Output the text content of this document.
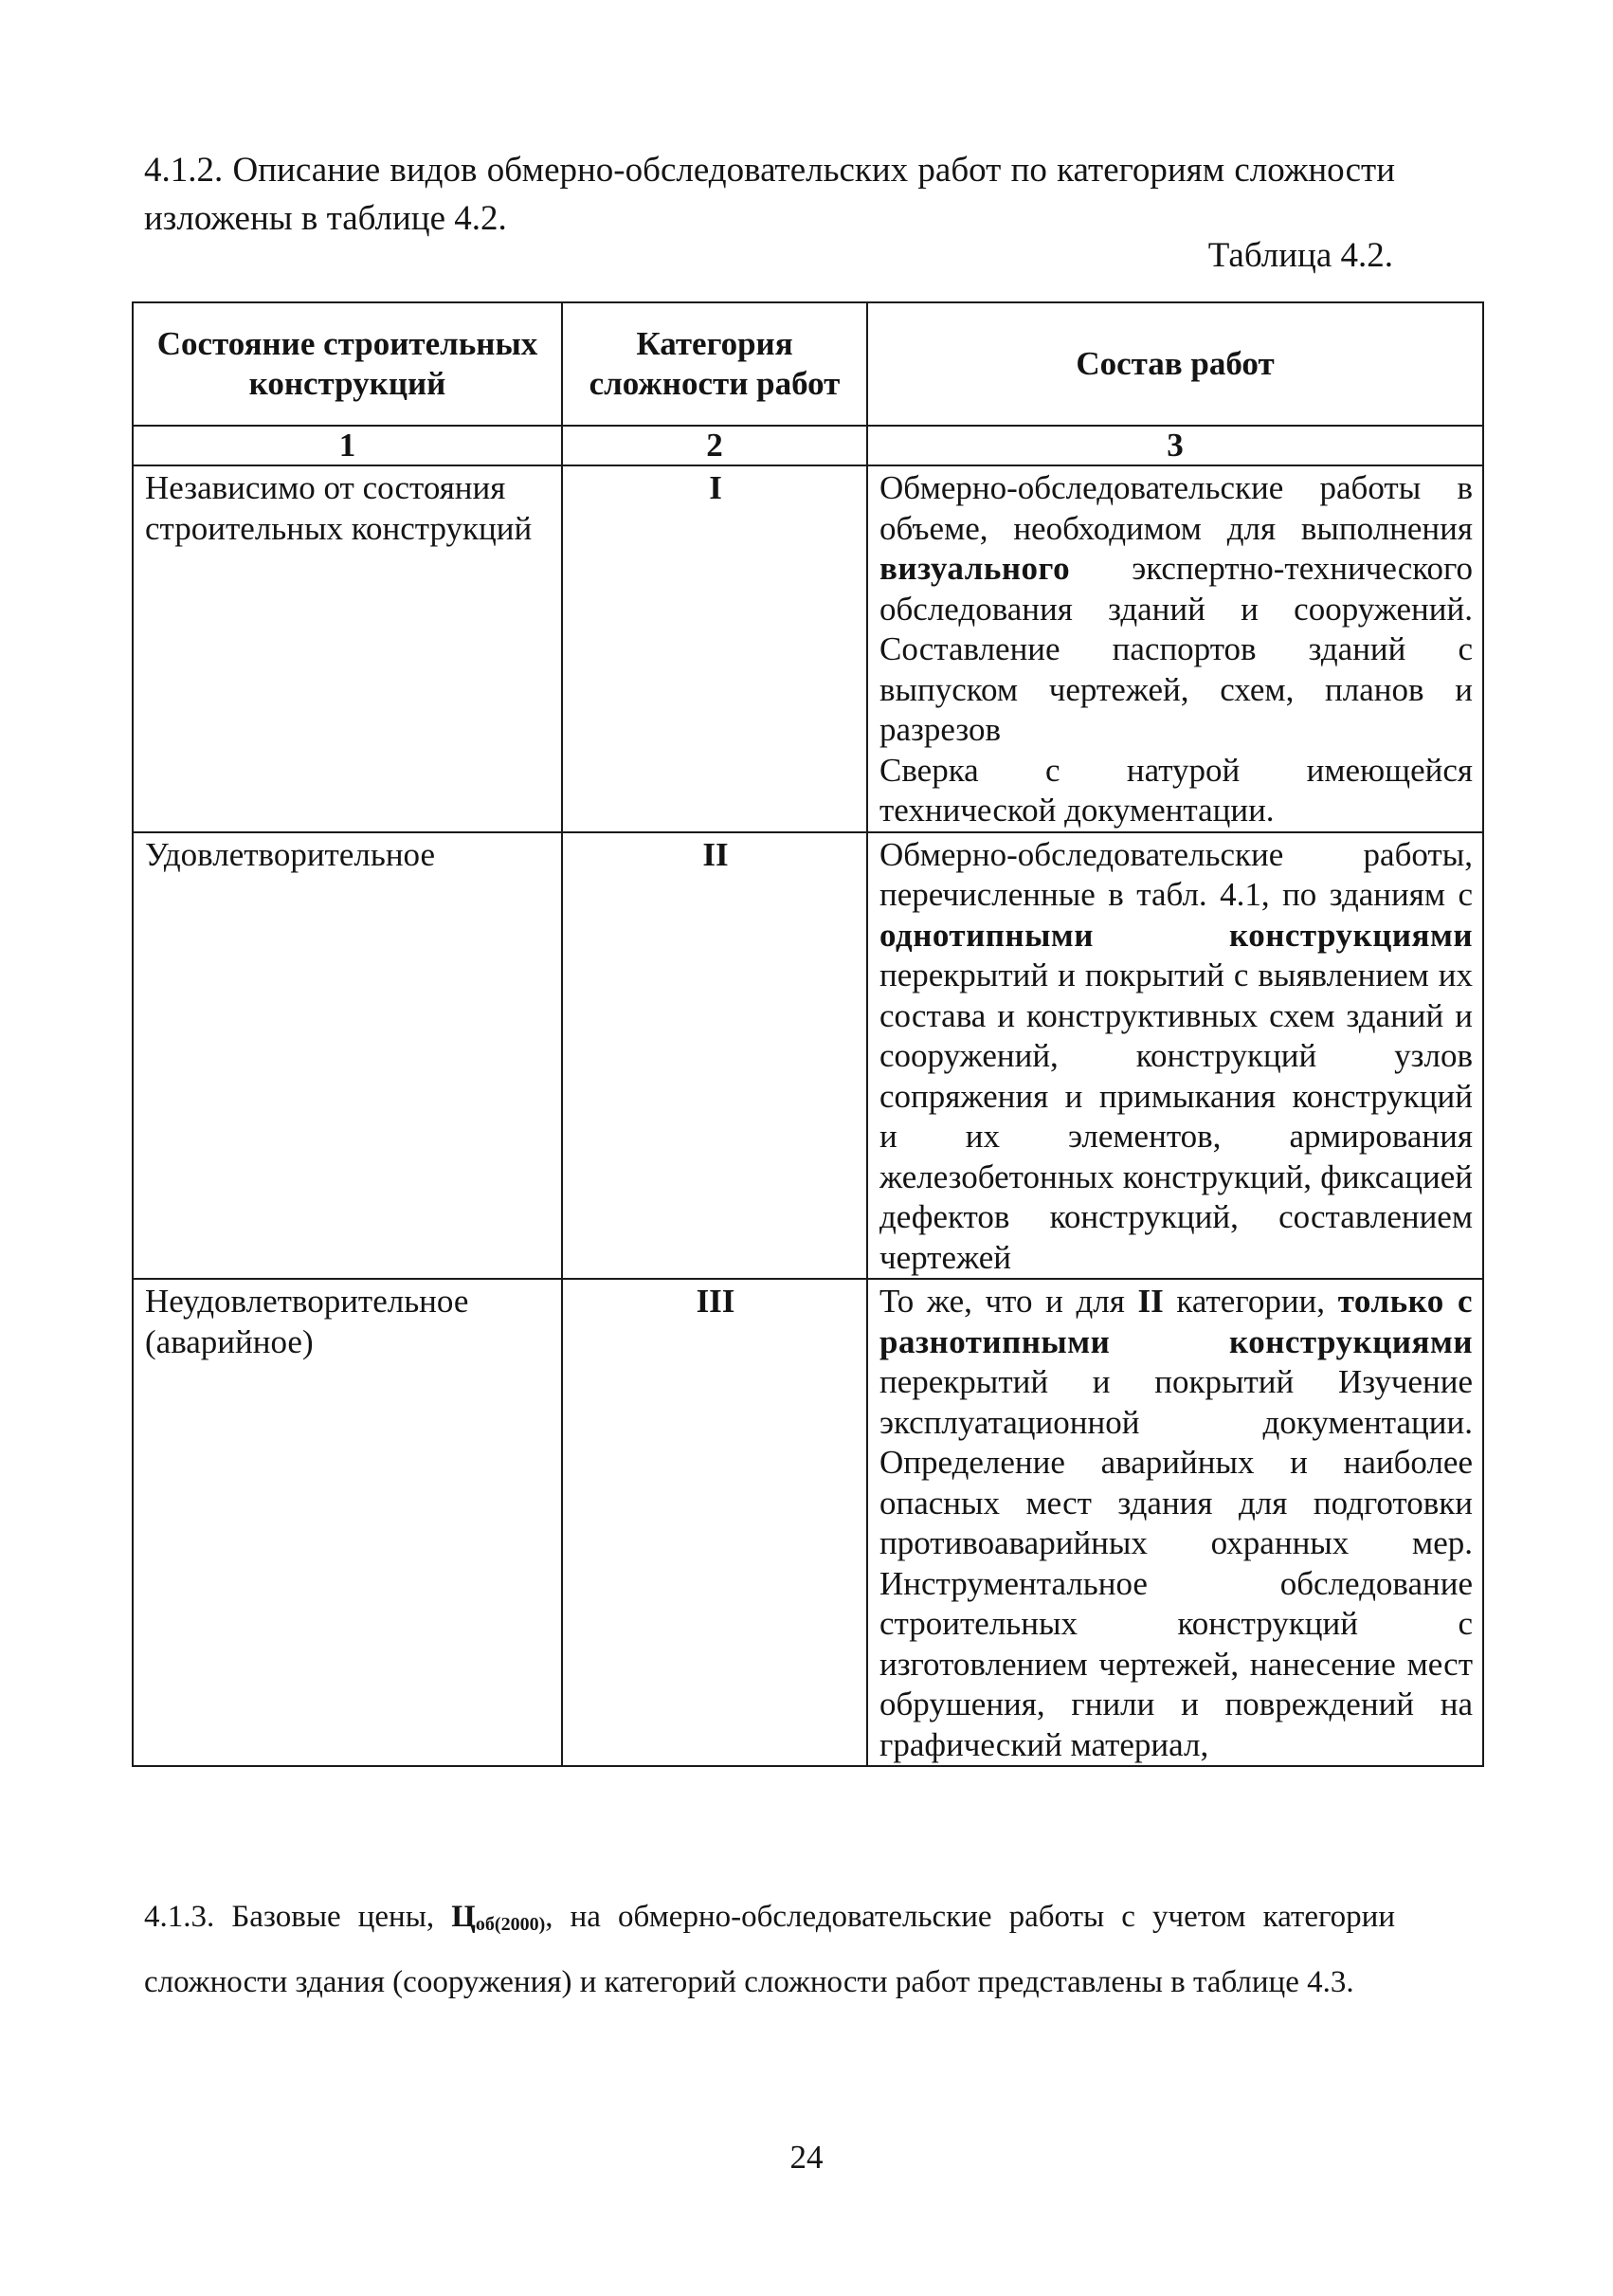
4.1.2. Описание видов обмерно-обследовательских работ по категориям сложности изложены в таблице 4.2.

Таблица 4.2.
Состояние строительных конструкций	Категория сложности работ	Состав работ
1	2	3
Независимо от состояния строительных конструкций	I	Обмерно-обследовательские работы в объеме, необходимом для выполнения визуального экспертно-технического обследования зданий и сооружений. Составление паспортов зданий с выпуском чертежей, схем, планов и разрезов

Сверка с натурой имеющейся технической документации.

Удовлетворительное	II	Обмерно-обследовательские работы, перечисленные в табл. 4.1, по зданиям с однотипными конструкциями перекрытий и покрытий с выявлением их состава и конструктивных схем зданий и сооружений, конструкций узлов сопряжения и примыкания конструкций и их элементов, армирования железобетонных конструкций, фиксацией дефектов конструкций, составлением чертежей
Неудовлетворительное (аварийное)	III	То же, что и для II категории, только с разнотипными конструкциями перекрытий и покрытий Изучение эксплуатационной документации. Определение аварийных и наиболее опасных мест здания для подготовки противоаварийных охранных мер. Инструментальное обследование строительных конструкций с изготовлением чертежей, нанесение мест обрушения, гнили и повреждений на графический материал,

4.1.3. Базовые цены, $Ц_{об(2000)}$, на обмерно-обследовательские работы с учетом категории сложности здания (сооружения) и категорий сложности работ представлены в таблице 4.3.

24
